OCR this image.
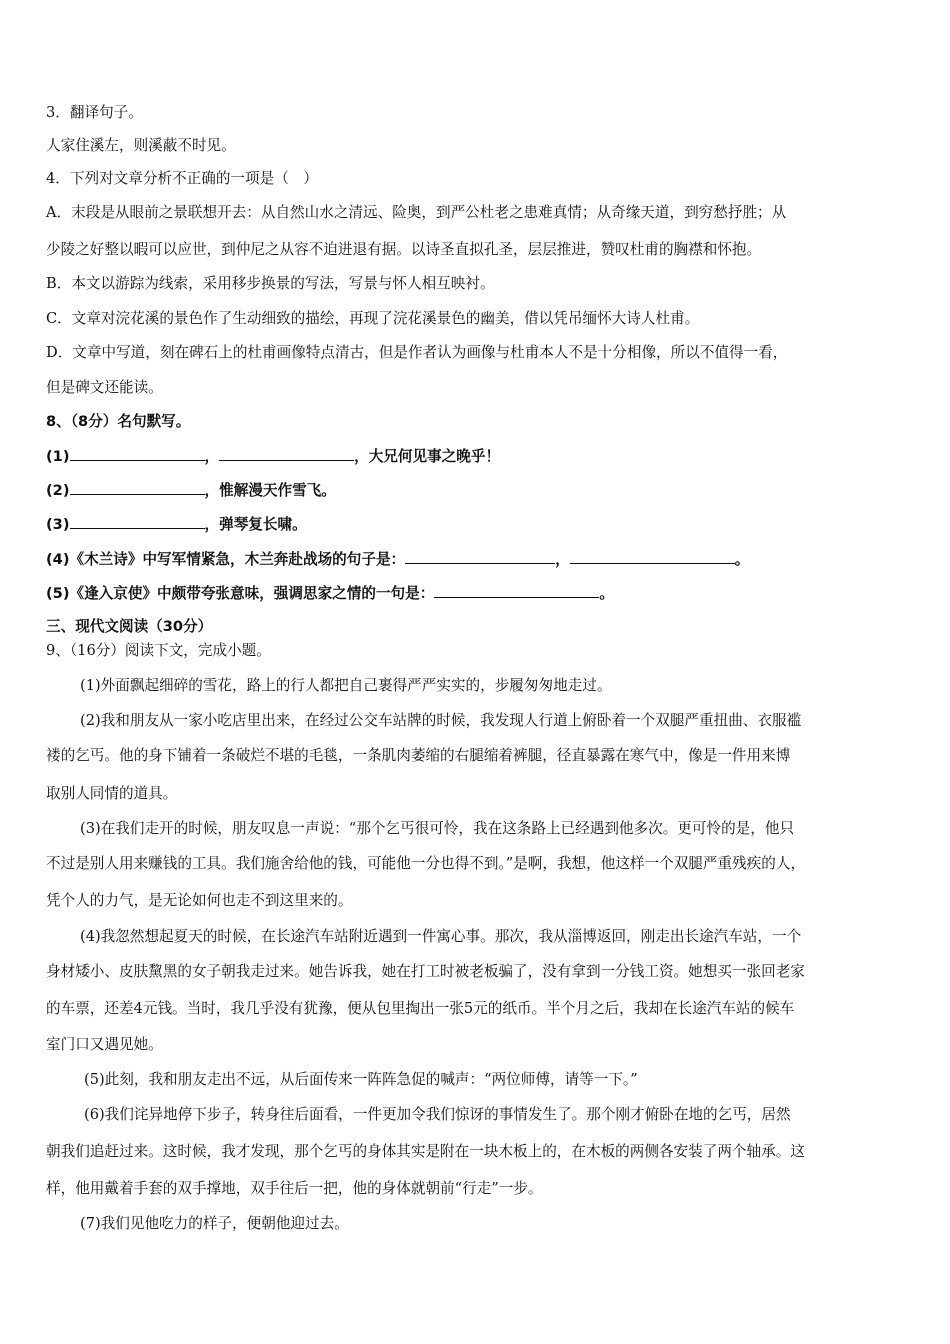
3．翻译句子。
人家住溪左，则溪蔽不时见。
4．下列对文章分析不正确的一项是（　）
A．末段是从眼前之景联想开去：从自然山水之清远、险奥，到严公杜老之患难真情；从奇缘天道，到穷愁抒胜；从
少陵之好整以暇可以应世，到仲尼之从容不迫进退有据。以诗圣直拟孔圣，层层推进，赞叹杜甫的胸襟和怀抱。
B．本文以游踪为线索，采用移步换景的写法，写景与怀人相互映衬。
C．文章对浣花溪的景色作了生动细致的描绘，再现了浣花溪景色的幽美，借以凭吊缅怀大诗人杜甫。
D．文章中写道，刻在碑石上的杜甫画像特点清古，但是作者认为画像与杜甫本人不是十分相像，所以不值得一看，
但是碑文还能读。
8、（8分）名句默写。
(1)	，	，大兄何见事之晚乎！
(2)	，惟解漫天作雪飞。
(3)	，弹琴复长啸。
(4)《木兰诗》中写军情紧急，木兰奔赴战场的句子是：	，	。
(5)《逢入京使》中颇带夸张意味，强调思家之情的一句是：	。
三、现代文阅读（30分）
9、（16分）阅读下文，完成小题。
(1)外面飘起细碎的雪花，路上的行人都把自己裹得严严实实的，步履匆匆地走过。
(2)我和朋友从一家小吃店里出来，在经过公交车站牌的时候，我发现人行道上俯卧着一个双腿严重扭曲、衣服褴
褛的乞丐。他的身下铺着一条破烂不堪的毛毯，一条肌肉萎缩的右腿缩着裤腿，径直暴露在寒气中，像是一件用来博
取别人同情的道具。
(3)在我们走开的时候，朋友叹息一声说：“那个乞丐很可怜，我在这条路上已经遇到他多次。更可怜的是，他只
不过是别人用来赚钱的工具。我们施舍给他的钱，可能他一分也得不到。”是啊，我想，他这样一个双腿严重残疾的人，
凭个人的力气，是无论如何也走不到这里来的。
(4)我忽然想起夏天的时候，在长途汽车站附近遇到一件寓心事。那次，我从淄博返回，刚走出长途汽车站，一个
身材矮小、皮肤黧黑的女子朝我走过来。她告诉我，她在打工时被老板骗了，没有拿到一分钱工资。她想买一张回老家
的车票，还差4元钱。当时，我几乎没有犹豫，便从包里掏出一张5元的纸币。半个月之后，我却在长途汽车站的候车
室门口又遇见她。
(5)此刻，我和朋友走出不远，从后面传来一阵阵急促的喊声：“两位师傅，请等一下。”
(6)我们诧异地停下步子，转身往后面看，一件更加令我们惊讶的事情发生了。那个刚才俯卧在地的乞丐，居然
朝我们追赶过来。这时候，我才发现，那个乞丐的身体其实是附在一块木板上的，在木板的两侧各安装了两个轴承。这
样，他用戴着手套的双手撑地，双手往后一把，他的身体就朝前“行走”一步。
(7)我们见他吃力的样子，便朝他迎过去。
